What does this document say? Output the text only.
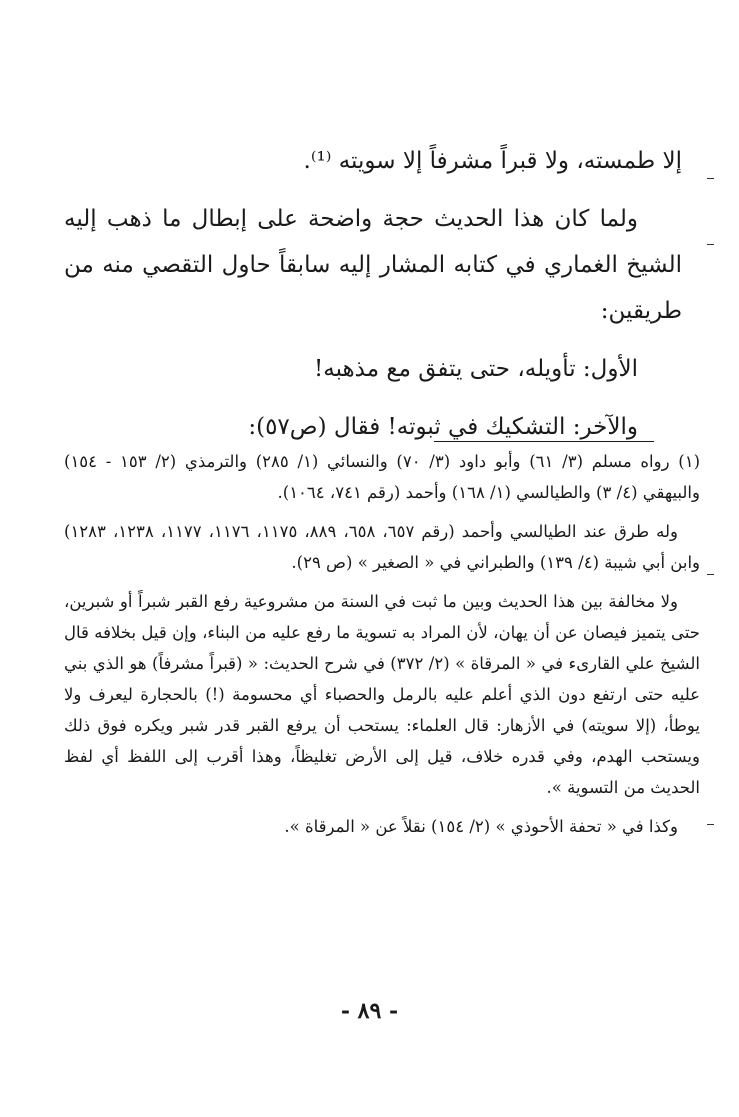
إلا طمسته، ولا قبراً مشرفاً إلا سويته ⁽¹⁾.

ولما كان هذا الحديث حجة واضحة على إبطال ما ذهب إليه الشيخ الغماري في كتابه المشار إليه سابقاً حاول التقصي منه من طريقين:

الأول: تأويله، حتى يتفق مع مذهبه!

والآخر: التشكيك في ثبوته! فقال (ص٥٧):

(١) رواه مسلم (٣/ ٦١) وأبو داود (٣/ ٧٠) والنسائي (١/ ٢٨٥) والترمذي (٢/ ١٥٣ - ١٥٤) والبيهقي (٤/ ٣) والطيالسي (١/ ١٦٨) وأحمد (رقم ٧٤١، ١٠٦٤).

وله طرق عند الطيالسي وأحمد (رقم ٦٥٧، ٦٥٨، ٨٨٩، ١١٧٥، ١١٧٦، ١١٧٧، ١٢٣٨، ١٢٨٣) وابن أبي شيبة (٤/ ١٣٩) والطبراني في « الصغير » (ص ٢٩).

ولا مخالفة بين هذا الحديث وبين ما ثبت في السنة من مشروعية رفع القبر شبراً أو شبرين، حتى يتميز فيصان عن أن يهان، لأن المراد به تسوية ما رفع عليه من البناء، وإن قيل بخلافه قال الشيخ علي القارىء في « المرقاة » (٢/ ٣٧٢) في شرح الحديث: « (قبراً مشرفاً) هو الذي بني عليه حتى ارتفع دون الذي أعلم عليه بالرمل والحصباء أي محسومة (!) بالحجارة ليعرف ولا يوطأ، (إلا سويته) في الأزهار: قال العلماء: يستحب أن يرفع القبر قدر شبر ويكره فوق ذلك ويستحب الهدم، وفي قدره خلاف، قيل إلى الأرض تغليظاً، وهذا أقرب إلى اللفظ أي لفظ الحديث من التسوية ».

وكذا في « تحفة الأحوذي » (٢/ ١٥٤) نقلاً عن « المرقاة ».

- ٨٩ -
